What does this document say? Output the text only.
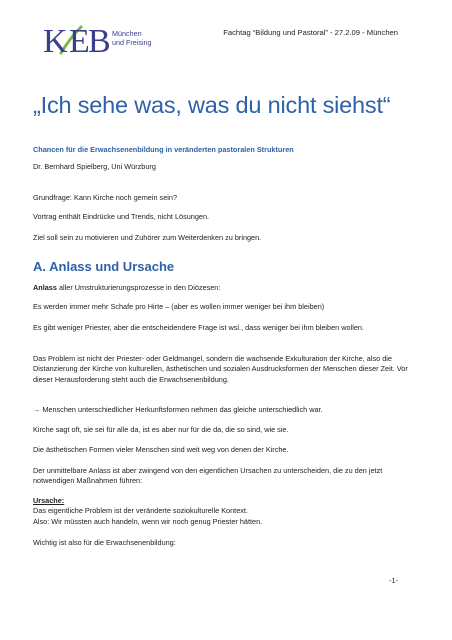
K E
B München
und Freising
Fachtag “Bildung und Pastoral” - 27.2.09 - München
„Ich sehe was, was du nicht siehst“
Chancen für die Erwachsenenbildung in veränderten pastoralen Strukturen
Dr. Bernhard Spielberg, Uni Würzburg
Grundfrage: Kann Kirche noch gemein sein?
Vortrag enthält Eindrücke und Trends, nicht Lösungen.
Ziel soll sein zu motivieren und Zuhörer zum Weiterdenken zu bringen.
A. Anlass und Ursache
Anlass aller Umstrukturierungsprozesse in den Diözesen:
Es werden immer mehr Schafe pro Hirte – (aber es wollen immer weniger bei ihm bleiben)
Es gibt weniger Priester, aber die entscheidendere Frage ist wsl., dass weniger bei ihm bleiben wollen.
Das Problem ist nicht der Priester- oder Geldmangel, sondern die wachsende Exkulturation der Kirche, also die Distanzierung der Kirche von kulturellen, ästhetischen und sozialen Ausdrucksformen der Menschen dieser Zeit. Vor dieser Herausforderung steht auch die Erwachsenenbildung.
→ Menschen unterschiedlicher Herkunftsformen nehmen das gleiche unterschiedlich war.
Kirche sagt oft, sie sei für alle da, ist es aber nur für die da, die so sind, wie sie.
Die ästhetischen Formen vieler Menschen sind weit weg von denen der Kirche.
Der unmittelbare Anlass ist aber zwingend von den eigentlichen Ursachen zu unterscheiden, die zu den jetzt notwendigen Maßnahmen führen:
Ursache:
Das eigentliche Problem ist der veränderte soziokulturelle Kontext.
Also: Wir müssten auch handeln, wenn wir noch genug Priester hätten.
Wichtig ist also für die Erwachsenenbildung:
-1-
